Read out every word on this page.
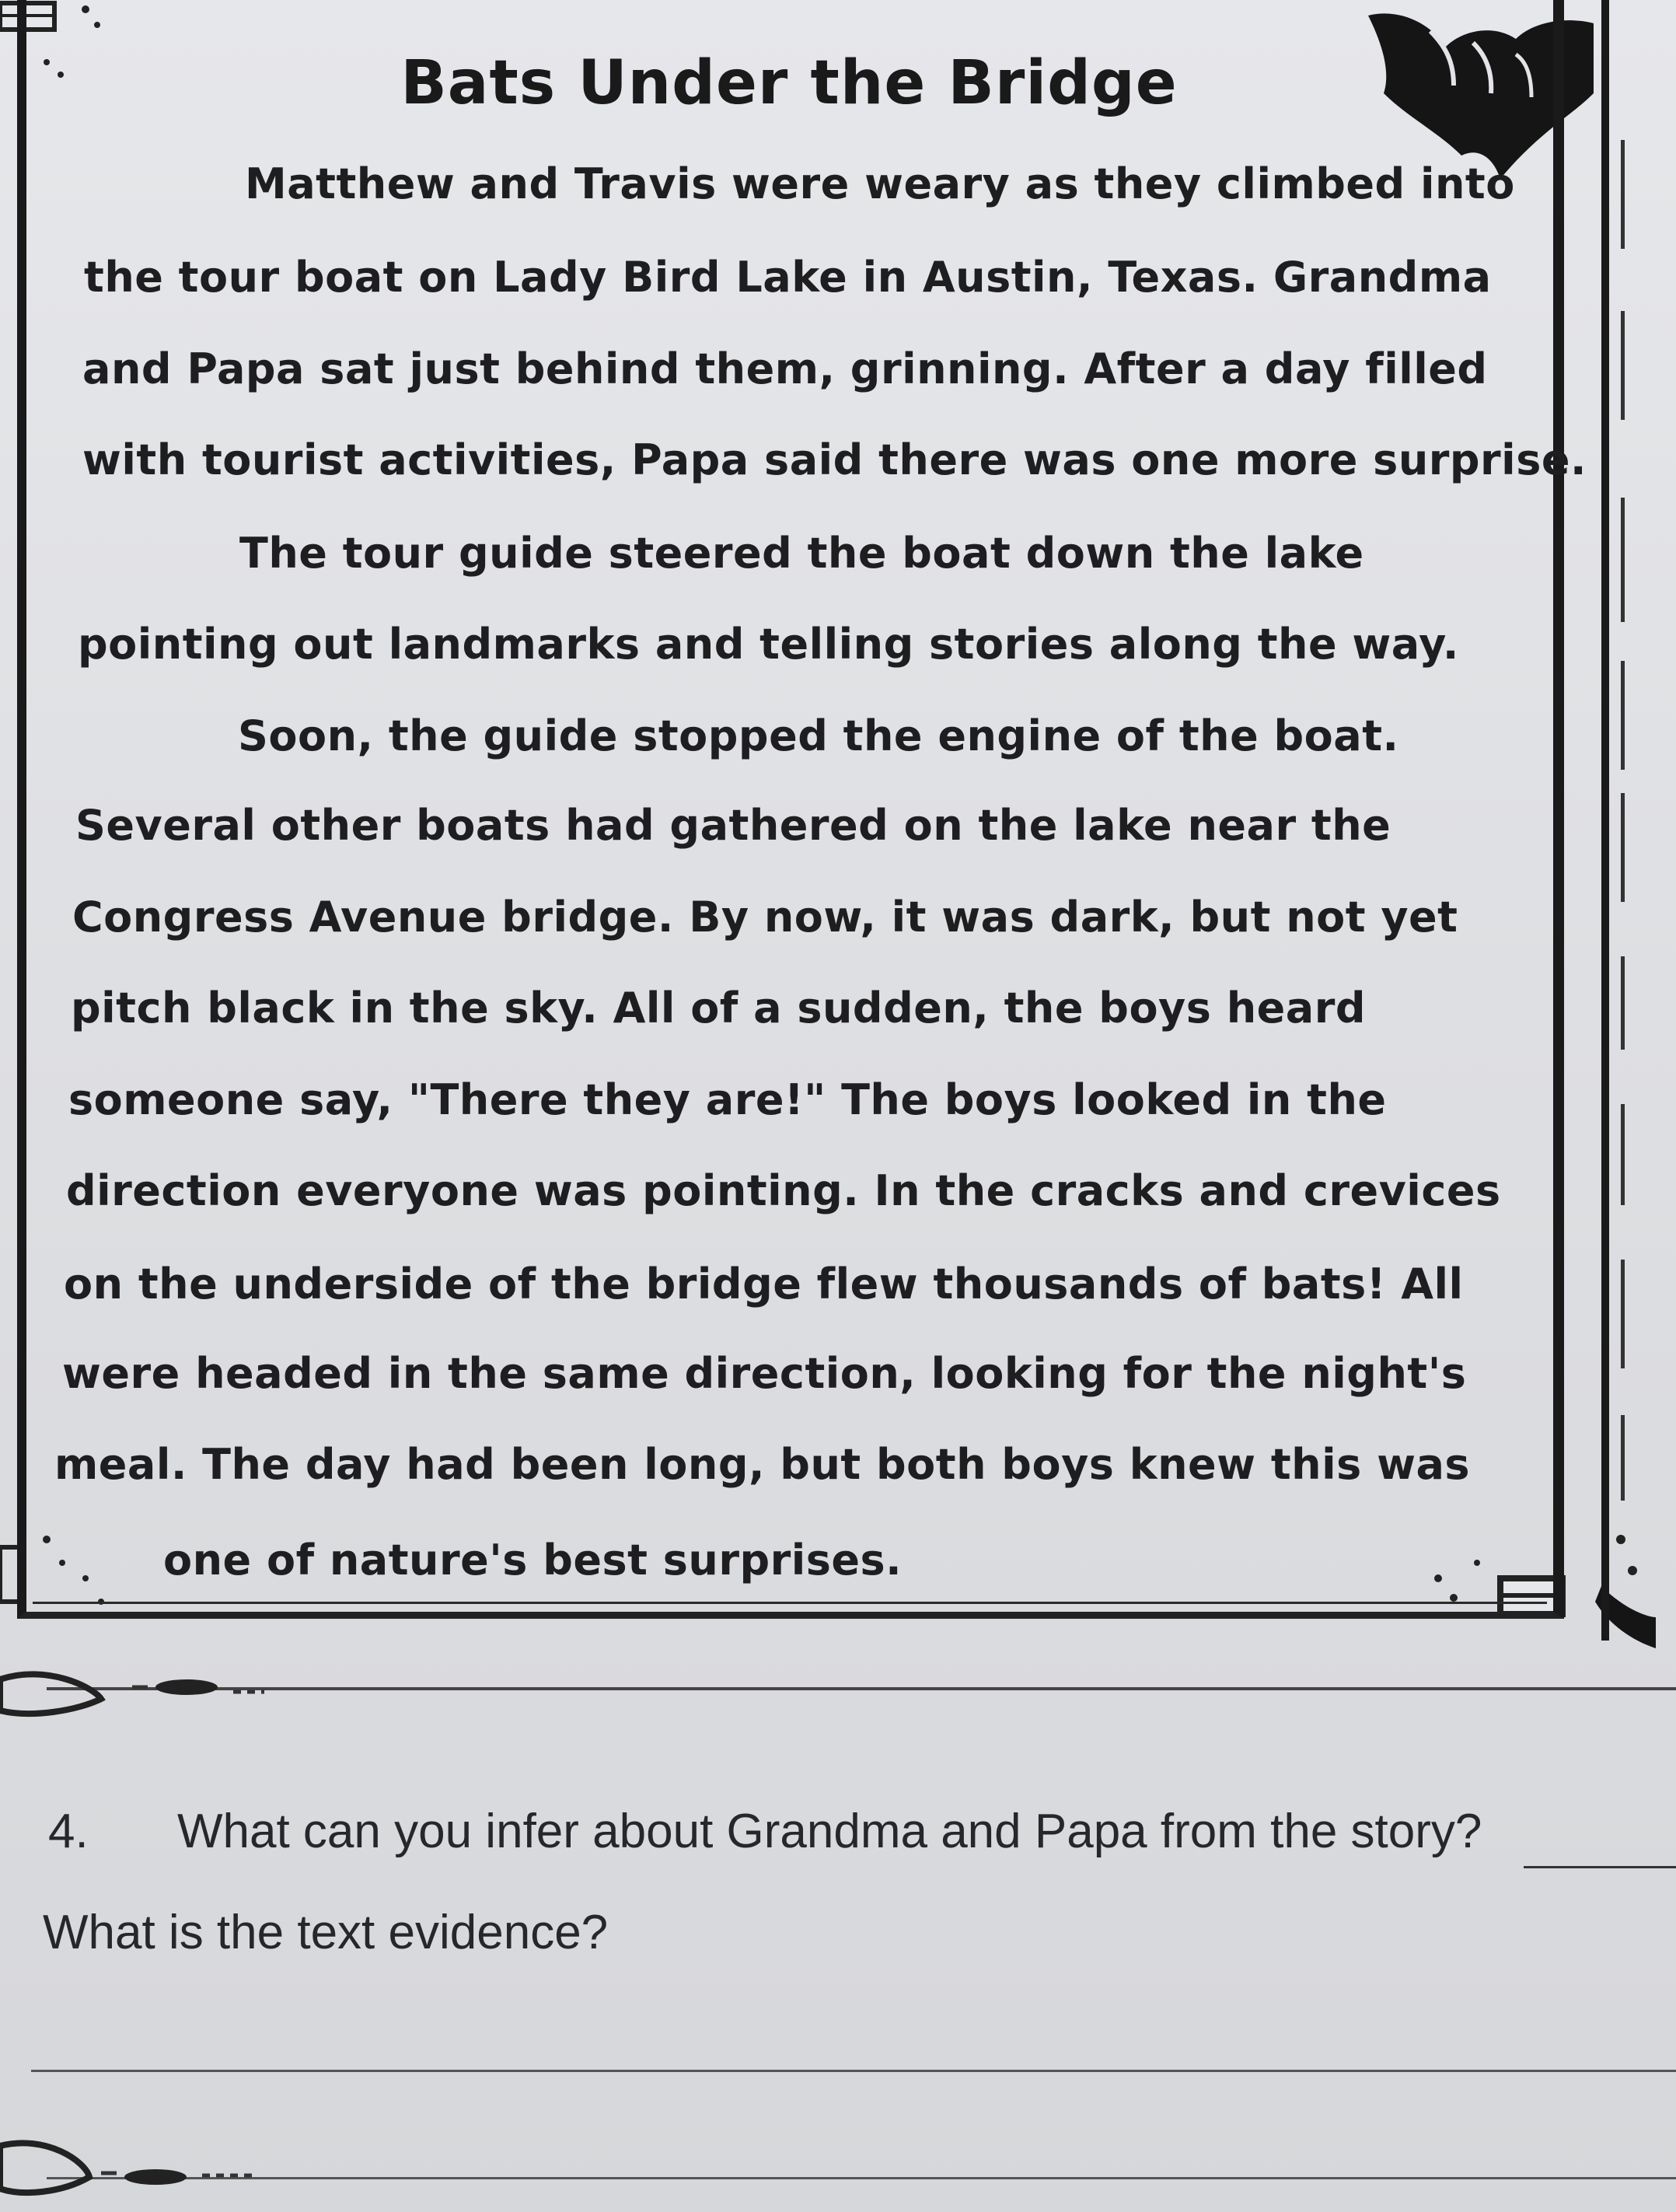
Bats Under the Bridge
Matthew and Travis were weary as they climbed into
the tour boat on Lady Bird Lake in Austin, Texas. Grandma
and Papa sat just behind them, grinning. After a day filled
with tourist activities, Papa said there was one more surprise.
The tour guide steered the boat down the lake
pointing out landmarks and telling stories along the way.
Soon, the guide stopped the engine of the boat.
Several other boats had gathered on the lake near the
Congress Avenue bridge. By now, it was dark, but not yet
pitch black in the sky. All of a sudden, the boys heard
someone say, "There they are!" The boys looked in the
direction everyone was pointing. In the cracks and crevices
on the underside of the bridge flew thousands of bats! All
were headed in the same direction, looking for the night's
meal. The day had been long, but both boys knew this was
one of nature's best surprises.
4. What can you infer about Grandma and Papa from the story?
What is the text evidence?
